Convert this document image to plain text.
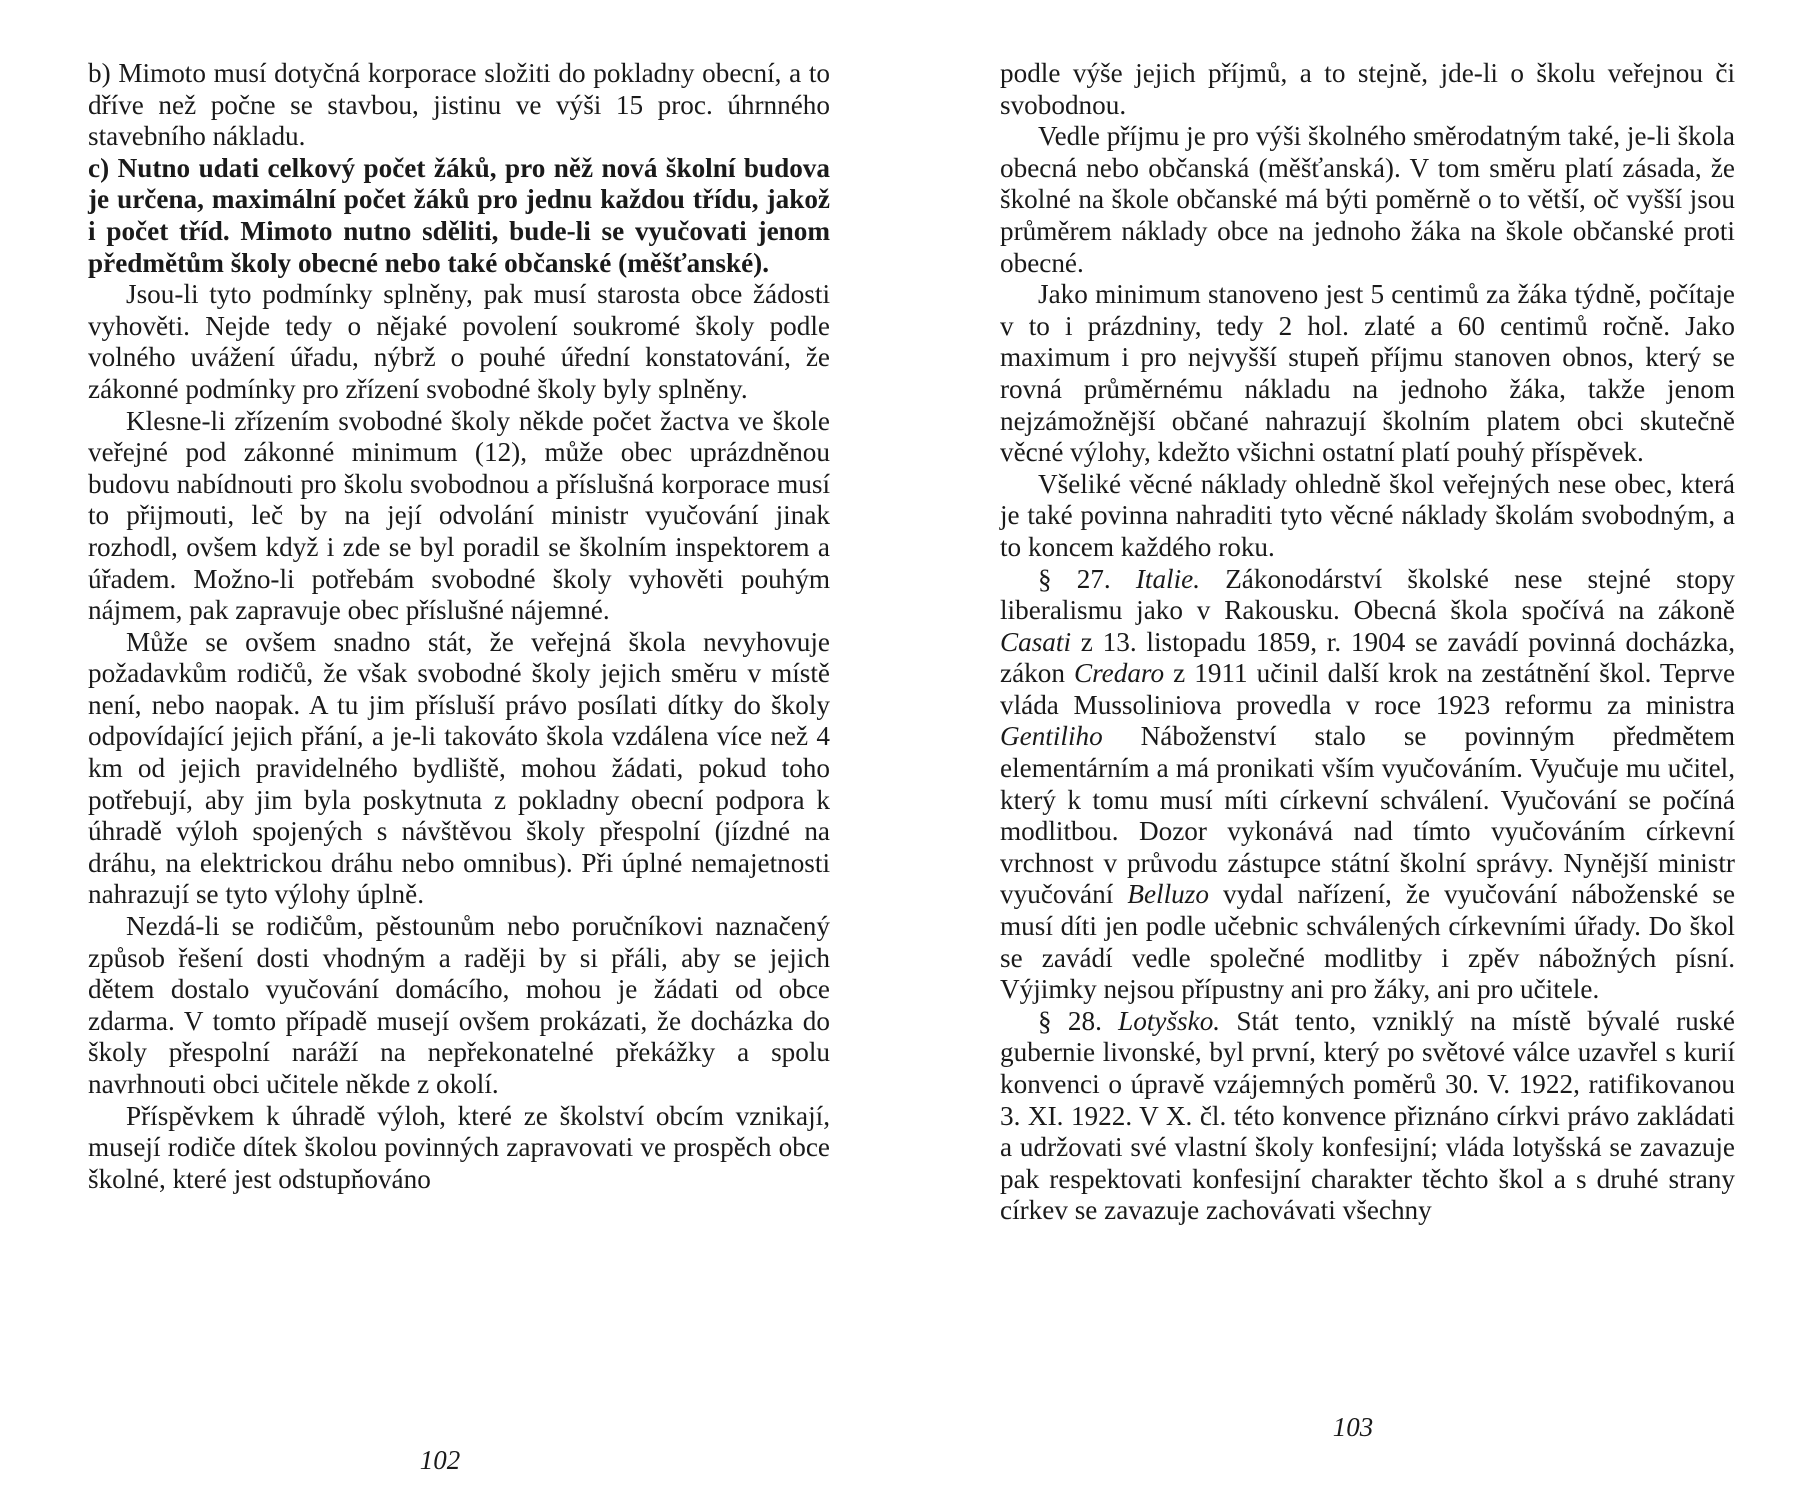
b) Mimoto musí dotyčná korporace složiti do pokladny obecní, a to dříve než počne se stavbou, jistinu ve výši 15 proc. úhrnného stavebního nákladu.

c) Nutno udati celkový počet žáků, pro něž nová školní budova je určena, maximální počet žáků pro jednu každou třídu, jakož i počet tříd. Mimoto nutno sděliti, bude-li se vyučovati jenom předmětům školy obecné nebo také občanské (měšťanské).

Jsou-li tyto podmínky splněny, pak musí starosta obce žádosti vyhověti. Nejde tedy o nějaké povolení soukromé školy podle volného uvážení úřadu, nýbrž o pouhé úřední konstatování, že zákonné podmínky pro zřízení svobodné školy byly splněny.

Klesne-li zřízením svobodné školy někde počet žactva ve škole veřejné pod zákonné minimum (12), může obec uprázdněnou budovu nabídnouti pro školu svobodnou a příslušná korporace musí to přijmouti, leč by na její odvolání ministr vyučování jinak rozhodl, ovšem když i zde se byl poradil se školním inspektorem a úřadem. Možno-li potřebám svobodné školy vyhověti pouhým nájmem, pak zapravuje obec příslušné nájemné.

Může se ovšem snadno stát, že veřejná škola nevyhovuje požadavkům rodičů, že však svobodné školy jejich směru v místě není, nebo naopak. A tu jim přísluší právo posílati dítky do školy odpovídající jejich přání, a je-li takováto škola vzdálena více než 4 km od jejich pravidelného bydliště, mohou žádati, pokud toho potřebují, aby jim byla poskytnuta z pokladny obecní podpora k úhradě výloh spojených s návštěvou školy přespolní (jízdné na dráhu, na elektrickou dráhu nebo omnibus). Při úplné nemajetnosti nahrazují se tyto výlohy úplně.

Nezdá-li se rodičům, pěstounům nebo poručníkovi naznačený způsob řešení dosti vhodným a raději by si přáli, aby se jejich dětem dostalo vyučování domácího, mohou je žádati od obce zdarma. V tomto případě musejí ovšem prokázati, že docházka do školy přespolní naráží na nepřekonatelné překážky a spolu navrhnouti obci učitele někde z okolí.

Příspěvkem k úhradě výloh, které ze školství obcím vznikají, musejí rodiče dítek školou povinných zapravovati ve prospěch obce školné, které jest odstupňováno

102

podle výše jejich příjmů, a to stejně, jde-li o školu veřejnou či svobodnou.

Vedle příjmu je pro výši školného směrodatným také, je-li škola obecná nebo občanská (měšťanská). V tom směru platí zásada, že školné na škole občanské má býti poměrně o to větší, oč vyšší jsou průměrem náklady obce na jednoho žáka na škole občanské proti obecné.

Jako minimum stanoveno jest 5 centimů za žáka týdně, počítaje v to i prázdniny, tedy 2 hol. zlaté a 60 centimů ročně. Jako maximum i pro nejvyšší stupeň příjmu stanoven obnos, který se rovná průměrnému nákladu na jednoho žáka, takže jenom nejzámožnější občané nahrazují školním platem obci skutečně věcné výlohy, kdežto všichni ostatní platí pouhý příspěvek.

Všeliké věcné náklady ohledně škol veřejných nese obec, která je také povinna nahraditi tyto věcné náklady školám svobodným, a to koncem každého roku.

§ 27. Italie. Zákonodárství školské nese stejné stopy liberalismu jako v Rakousku. Obecná škola spočívá na zákoně Casati z 13. listopadu 1859, r. 1904 se zavádí povinná docházka, zákon Credaro z 1911 učinil další krok na zestátnění škol. Teprve vláda Mussoliniova provedla v roce 1923 reformu za ministra Gentiliho Náboženství stalo se povinným předmětem elementárním a má pronikati vším vyučováním. Vyučuje mu učitel, který k tomu musí míti církevní schválení. Vyučování se počíná modlitbou. Dozor vykonává nad tímto vyučováním církevní vrchnost v průvodu zástupce státní školní správy. Nynější ministr vyučování Belluzo vydal nařízení, že vyučování náboženské se musí díti jen podle učebnic schválených církevními úřady. Do škol se zavádí vedle společné modlitby i zpěv nábožných písní. Výjimky nejsou přípustny ani pro žáky, ani pro učitele.

§ 28. Lotyšsko. Stát tento, vzniklý na místě bývalé ruské gubernie livonské, byl první, který po světové válce uzavřel s kurií konvenci o úpravě vzájemných poměrů 30. V. 1922, ratifikovanou 3. XI. 1922. V X. čl. této konvence přiznáno církvi právo zakládati a udržovati své vlastní školy konfesijní; vláda lotyšská se zavazuje pak respektovati konfesijní charakter těchto škol a s druhé strany církev se zavazuje zachovávati všechny

103
